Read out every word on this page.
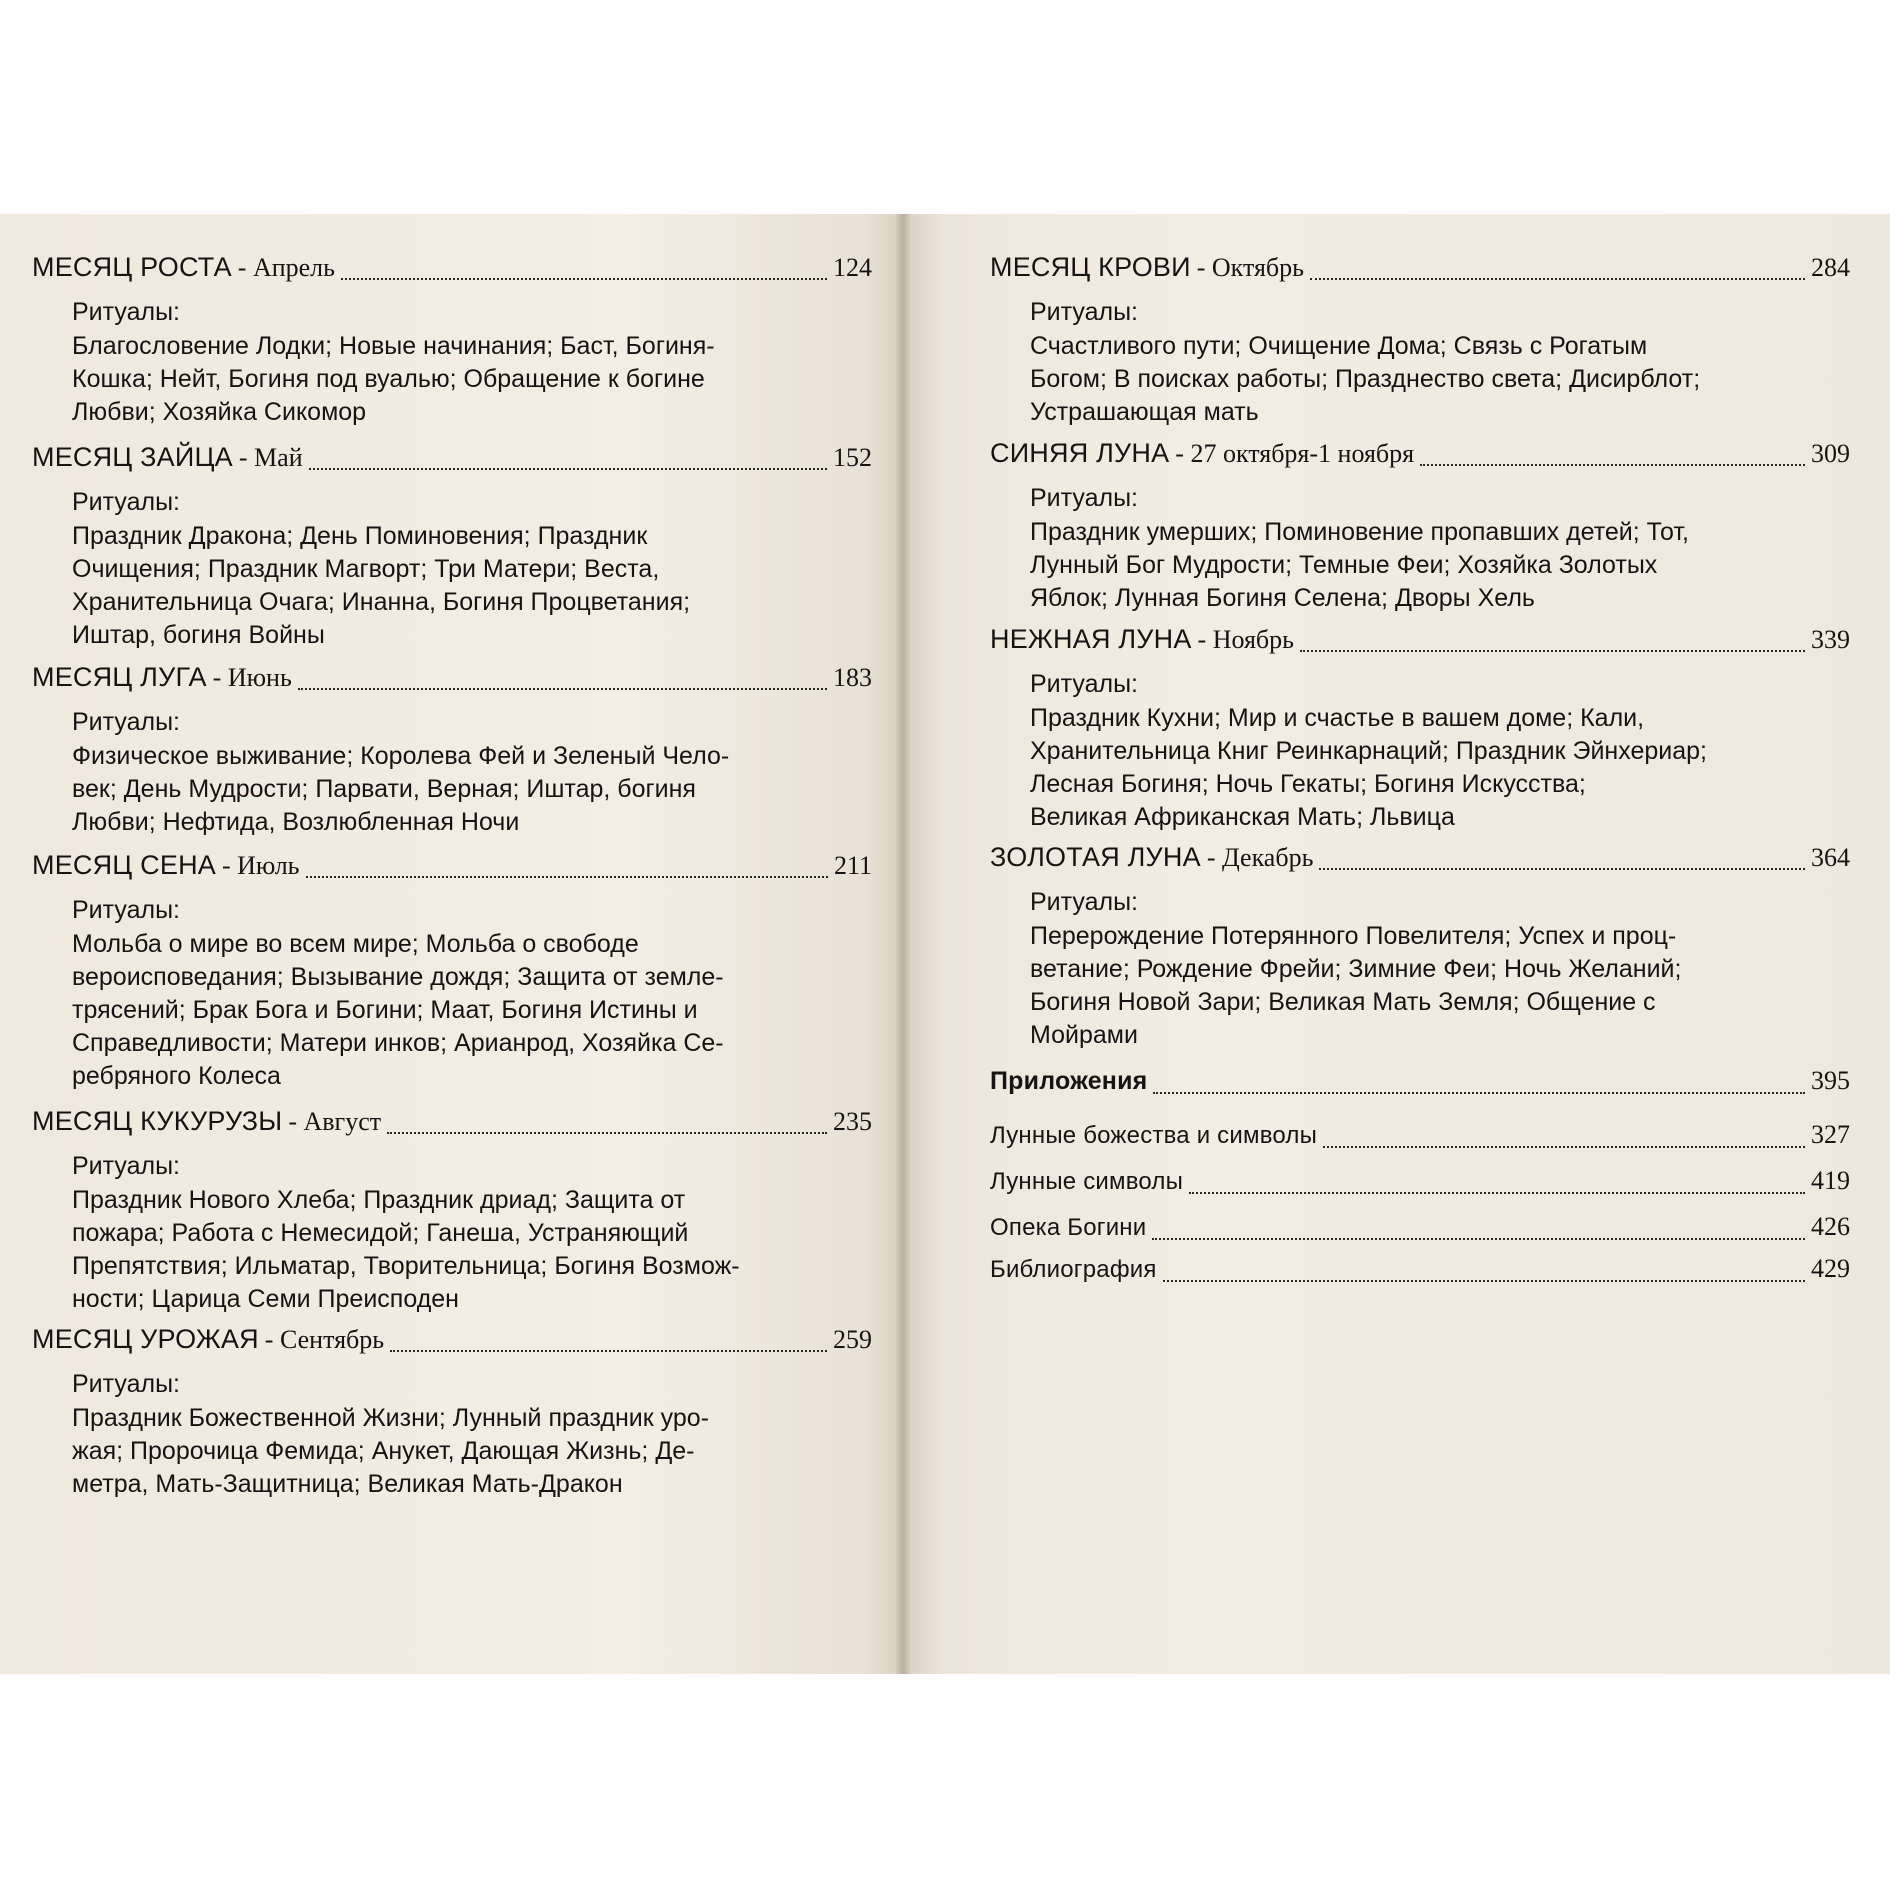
МЕСЯЦ РОСТА - Апрель	124
Ритуалы:
Благословение Лодки; Новые начинания; Баст, Богиня-
Кошка; Нейт, Богиня под вуалью; Обращение к богине
Любви; Хозяйка Сикомор
МЕСЯЦ ЗАЙЦА - Май	152
Ритуалы:
Праздник Дракона; День Поминовения; Праздник
Очищения; Праздник Магворт; Три Матери; Веста,
Хранительница Очага; Инанна, Богиня Процветания;
Иштар, богиня Войны
МЕСЯЦ ЛУГА - Июнь	183
Ритуалы:
Физическое выживание; Королева Фей и Зеленый Чело-
век; День Мудрости; Парвати, Верная; Иштар, богиня
Любви; Нефтида, Возлюбленная Ночи
МЕСЯЦ СЕНА - Июль	211
Ритуалы:
Мольба о мире во всем мире; Мольба о свободе
вероисповедания; Вызывание дождя; Защита от земле-
трясений; Брак Бога и Богини; Маат, Богиня Истины и
Справедливости; Матери инков; Арианрод, Хозяйка Се-
ребряного Колеса
МЕСЯЦ КУКУРУЗЫ - Август	235
Ритуалы:
Праздник Нового Хлеба; Праздник дриад; Защита от
пожара; Работа с Немесидой; Ганеша, Устраняющий
Препятствия; Ильматар, Творительница; Богиня Возмож-
ности; Царица Семи Преисподен
МЕСЯЦ УРОЖАЯ - Сентябрь	259
Ритуалы:
Праздник Божественной Жизни; Лунный праздник уро-
жая; Пророчица Фемида; Анукет, Дающая Жизнь; Де-
метра, Мать-Защитница; Великая Мать-Дракон
МЕСЯЦ КРОВИ - Октябрь	284
Ритуалы:
Счастливого пути; Очищение Дома; Связь с Рогатым
Богом; В поисках работы; Празднество света; Дисирблот;
Устрашающая мать
СИНЯЯ ЛУНА - 27 октября-1 ноября	309
Ритуалы:
Праздник умерших; Поминовение пропавших детей; Тот,
Лунный Бог Мудрости; Темные Феи; Хозяйка Золотых
Яблок; Лунная Богиня Селена; Дворы Хель
НЕЖНАЯ ЛУНА - Ноябрь	339
Ритуалы:
Праздник Кухни; Мир и счастье в вашем доме; Кали,
Хранительница Книг Реинкарнаций; Праздник Эйнхериар;
Лесная Богиня; Ночь Гекаты; Богиня Искусства;
Великая Африканская Мать; Львица
ЗОЛОТАЯ ЛУНА - Декабрь	364
Ритуалы:
Перерождение Потерянного Повелителя; Успех и проц-
ветание; Рождение Фрейи; Зимние Феи; Ночь Желаний;
Богиня Новой Зари; Великая Мать Земля; Общение с
Мойрами
Приложения	395
Лунные божества и символы	327
Лунные символы	419
Опека Богини	426
Библиография	429
